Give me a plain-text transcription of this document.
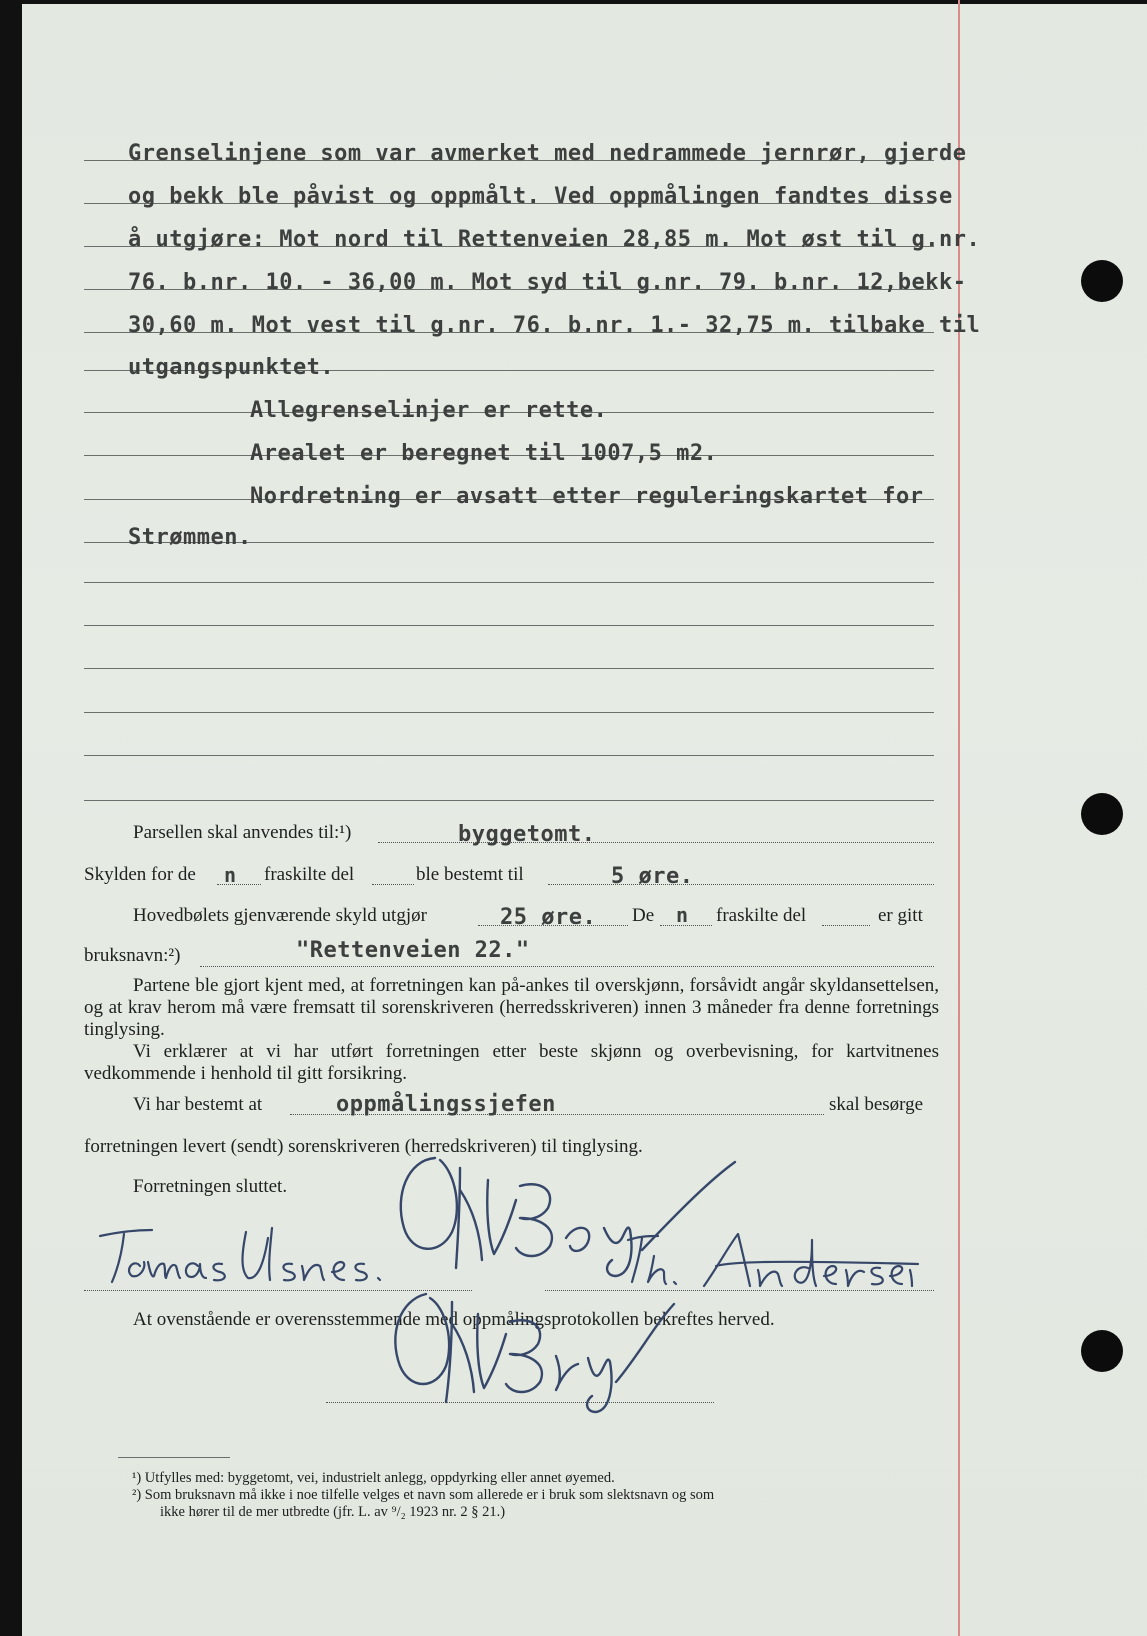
Grenselinjene som var avmerket med nedrammede jernrør, gjerde
og bekk ble påvist og oppmålt. Ved oppmålingen fandtes disse
å utgjøre: Mot nord til Rettenveien 28,85 m. Mot øst til g.nr.
76. b.nr. 10. - 36,00 m. Mot syd til g.nr. 79. b.nr. 12,bekk-
30,60 m. Mot vest til g.nr. 76. b.nr. 1.- 32,75 m. tilbake til
utgangspunktet.
Allegrenselinjer er rette.
Arealet er beregnet til 1007,5 m2.
Nordretning er avsatt etter reguleringskartet for
Strømmen.
Parsellen skal anvendes til:¹)	byggetomt.
Skylden for de n fraskilte del	ble bestemt til	5 øre.
Hovedbølets gjenværende skyld utgjør	25 øre. De n fraskilte del	er gitt
bruksnavn:²)	"Rettenveien 22."

Partene ble gjort kjent med, at forretningen kan på-ankes til overskjønn, forsåvidt angår skyldansettelsen, og at krav herom må være fremsatt til sorenskriveren (herredsskriveren) innen 3 måneder fra denne forretnings tinglysing.

Vi erklærer at vi har utført forretningen etter beste skjønn og overbevisning, for kartvitnenes vedkommende i henhold til gitt forsikring.

Vi har bestemt at	oppmålingssjefen	skal besørge
forretningen levert (sendt) sorenskriveren (herredskriveren) til tinglysing.
Forretningen sluttet.
At ovenstående er overensstemmende med oppmålingsprotokollen bekreftes herved.

¹) Utfylles med: byggetomt, vei, industrielt anlegg, oppdyrking eller annet øyemed.

²) Som bruksnavn må ikke i noe tilfelle velges et navn som allerede er i bruk som slektsnavn og som

ikke hører til de mer utbredte (jfr. L. av ⁹/₂ 1923 nr. 2 § 21.)
